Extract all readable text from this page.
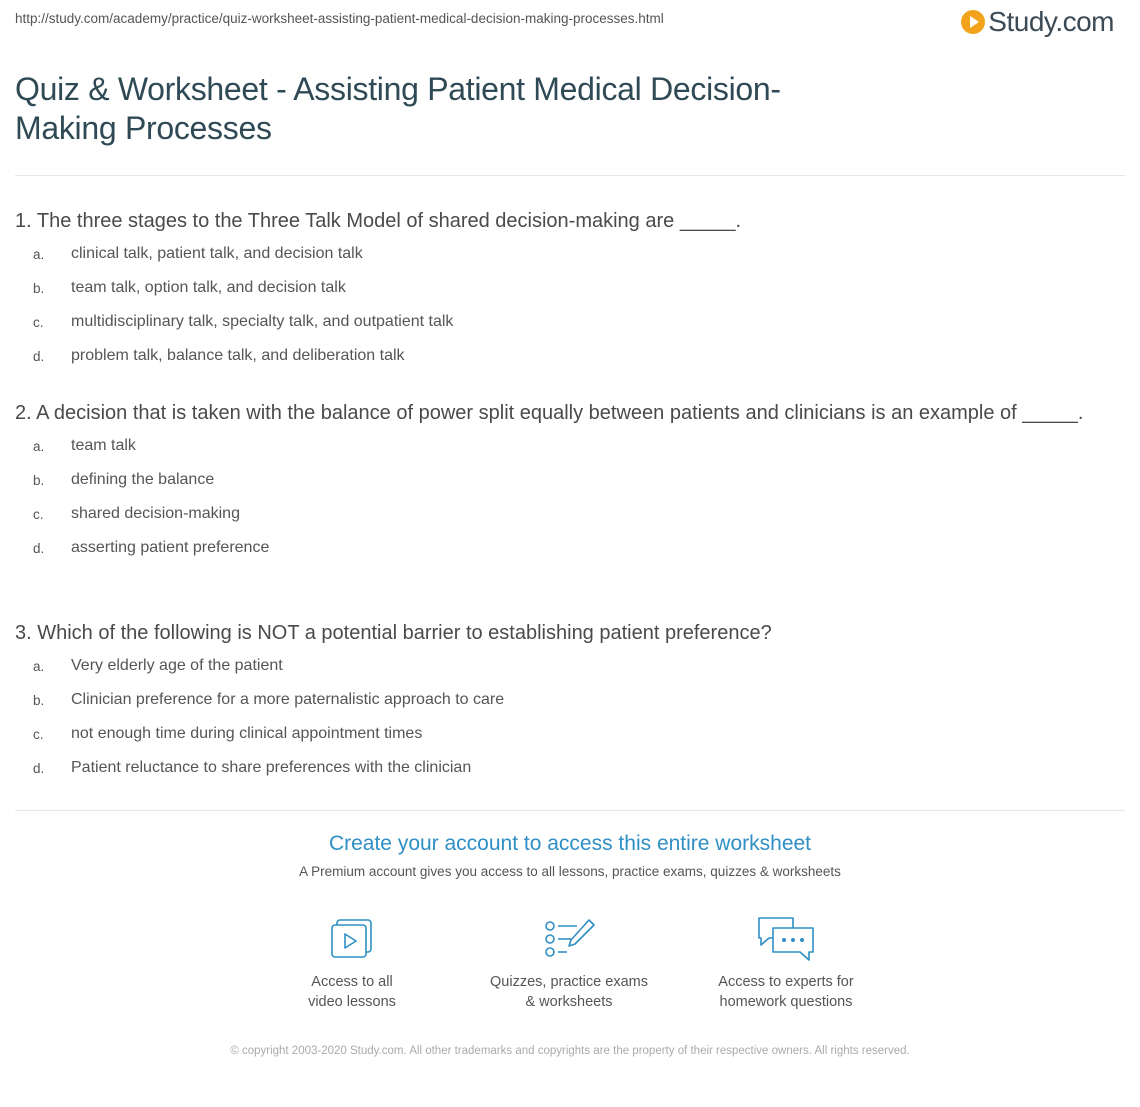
http://study.com/academy/practice/quiz-worksheet-assisting-patient-medical-decision-making-processes.html	Study.com
Quiz & Worksheet - Assisting Patient Medical Decision-Making Processes
1. The three stages to the Three Talk Model of shared decision-making are _____.
a.	clinical talk, patient talk, and decision talk
b.	team talk, option talk, and decision talk
c.	multidisciplinary talk, specialty talk, and outpatient talk
d.	problem talk, balance talk, and deliberation talk
2. A decision that is taken with the balance of power split equally between patients and clinicians is an example of _____.
a.	team talk
b.	defining the balance
c.	shared decision-making
d.	asserting patient preference
3. Which of the following is NOT a potential barrier to establishing patient preference?
a.	Very elderly age of the patient
b.	Clinician preference for a more paternalistic approach to care
c.	not enough time during clinical appointment times
d.	Patient reluctance to share preferences with the clinician
Create your account to access this entire worksheet
A Premium account gives you access to all lessons, practice exams, quizzes & worksheets
Access to all
video lessons
Quizzes, practice exams
& worksheets
Access to experts for
homework questions
© copyright 2003-2020 Study.com. All other trademarks and copyrights are the property of their respective owners. All rights reserved.
